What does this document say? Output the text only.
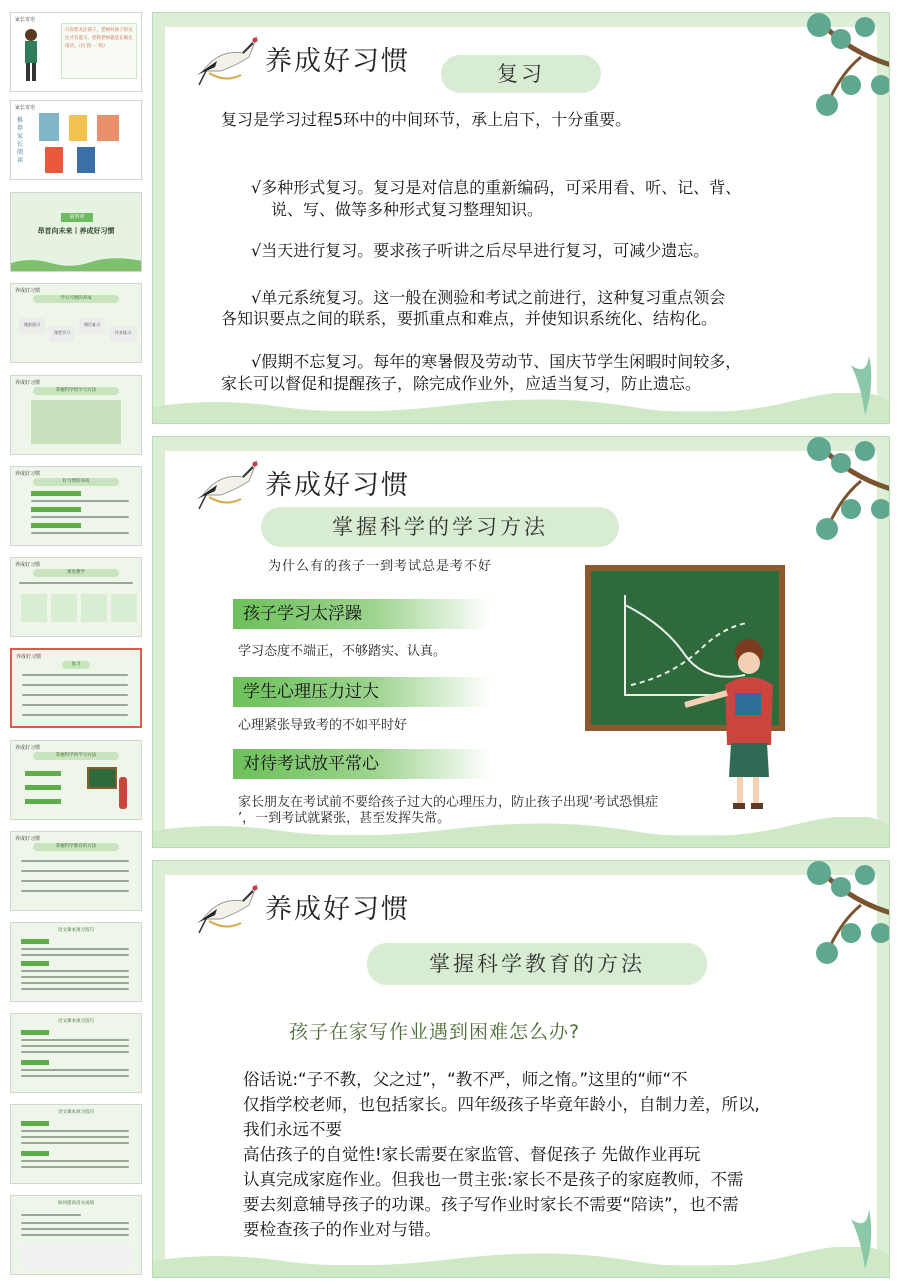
家长寄语
只有您关注孩子，老师对孩子的关注才有意义，您和老师就是在做无用功。（拉 钩 一 钩）
家长寄语
推荐家长阅读
第四章
昂首向未来丨养成好习惯
养成好习惯
学习习惯的养成
课前预习
课堂学习
课后复习
作业练习
养成好习惯
掌握科学的学习方法
养成好习惯
好习惯的养成
养成好习惯
课堂教学
养成好习惯
复习
养成好习惯
掌握科学的学习方法
养成好习惯
掌握科学教育的方法
语文课本预习技巧
语文课本预习技巧
语文课本预习技巧
如何提高语文成绩
养成好习惯	复习
复习是学习过程5环中的中间环节，承上启下，十分重要。
√多种形式复习。复习是对信息的重新编码，可采用看、听、记、背、
说、写、做等多种形式复习整理知识。
√当天进行复习。要求孩子听讲之后尽早进行复习，可减少遗忘。
√单元系统复习。这一般在测验和考试之前进行，这种复习重点领会
各知识要点之间的联系，要抓重点和难点，并使知识系统化、结构化。
√假期不忘复习。每年的寒暑假及劳动节、国庆节学生闲暇时间较多，
家长可以督促和提醒孩子，除完成作业外，应适当复习，防止遗忘。
养成好习惯
掌握科学的学习方法
为什么有的孩子一到考试总是考不好
孩子学习太浮躁
学习态度不端正，不够踏实、认真。
学生心理压力过大
心理紧张导致考的不如平时好
对待考试放平常心
家长朋友在考试前不要给孩子过大的心理压力，防止孩子出现‘考试恐惧症
’，一到考试就紧张，甚至发挥失常。
养成好习惯
掌握科学教育的方法
孩子在家写作业遇到困难怎么办?
俗话说:“子不教，父之过”，“教不严，师之惰。”这里的“师“不
仅指学校老师，也包括家长。四年级孩子毕竟年龄小，自制力差，所以,
我们永远不要
高估孩子的自觉性!家长需要在家监管、督促孩子 先做作业再玩
认真完成家庭作业。但我也一贯主张:家长不是孩子的家庭教师，不需
要去刻意辅导孩子的功课。孩子写作业时家长不需要“陪读”，也不需
要检查孩子的作业对与错。
